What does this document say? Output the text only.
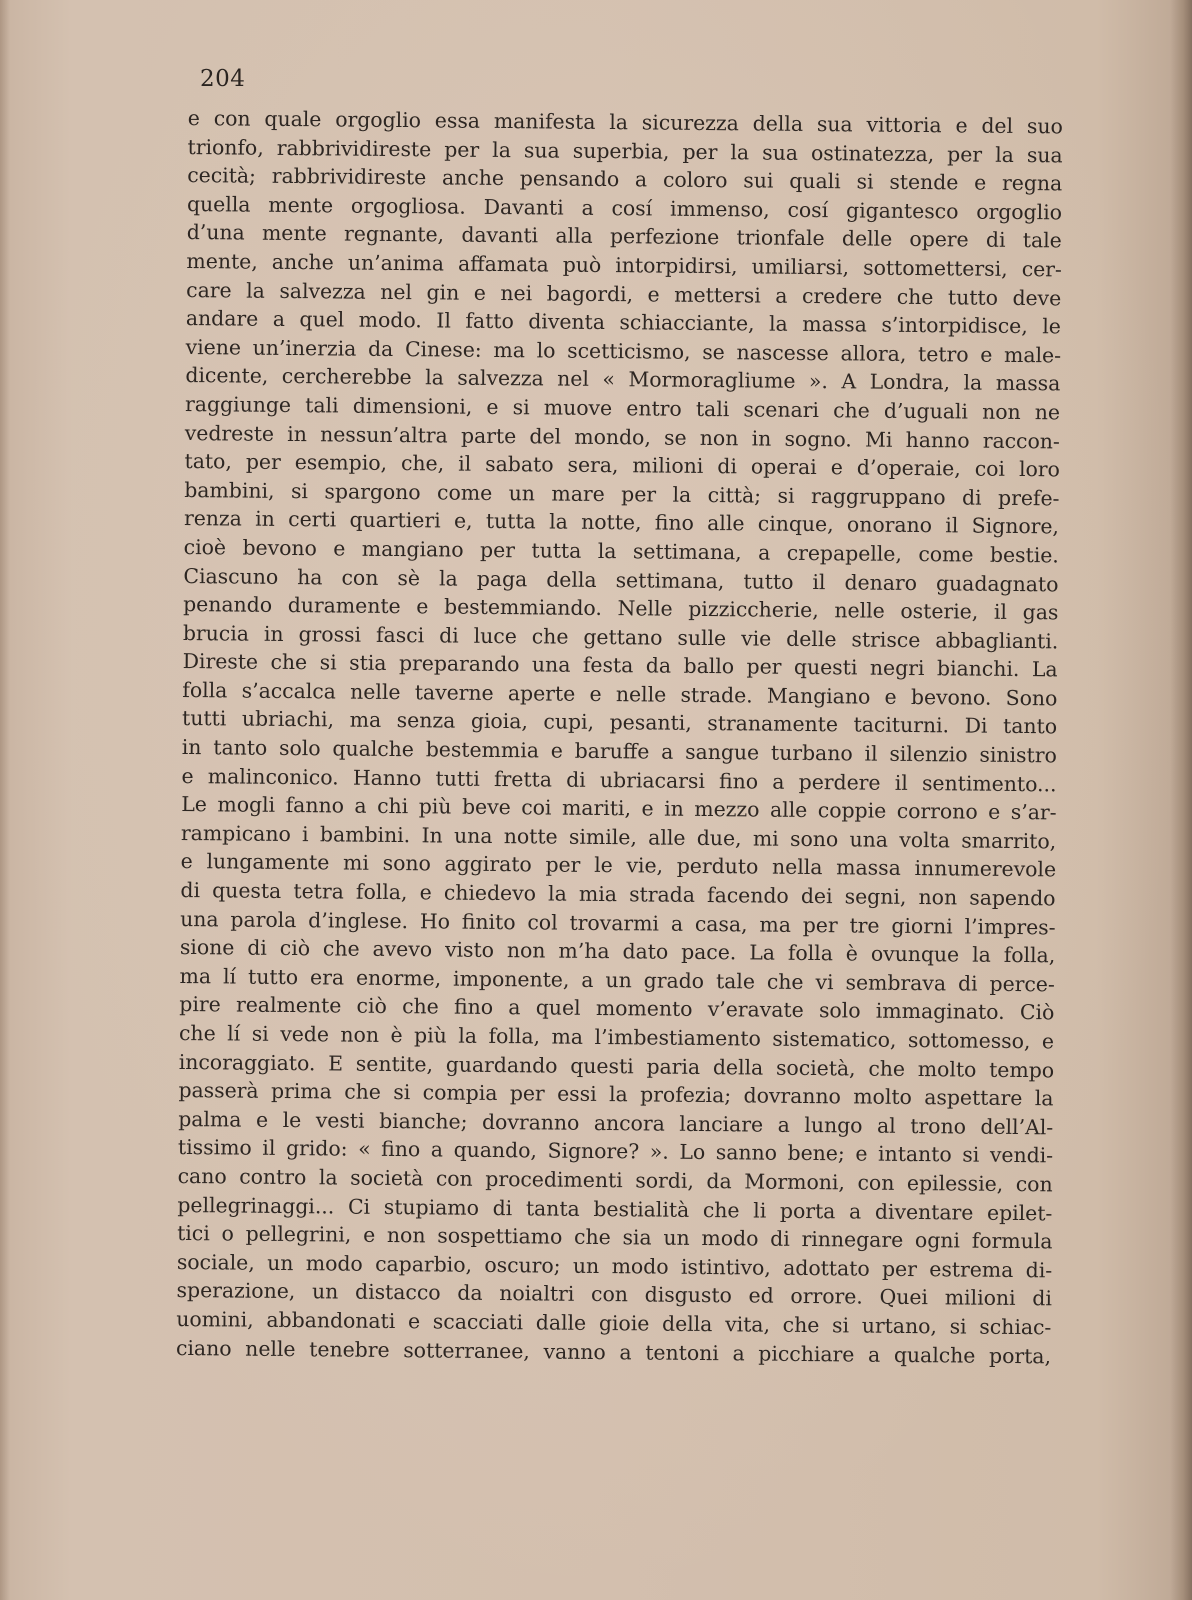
204
e con quale orgoglio essa manifesta la sicurezza della sua vittoria e del suo
trionfo, rabbrividireste per la sua superbia, per la sua ostinatezza, per la sua
cecità; rabbrividireste anche pensando a coloro sui quali si stende e regna
quella mente orgogliosa. Davanti a cosí immenso, cosí gigantesco orgoglio
d’una mente regnante, davanti alla perfezione trionfale delle opere di tale
mente, anche un’anima affamata può intorpidirsi, umiliarsi, sottomettersi, cer-
care la salvezza nel gin e nei bagordi, e mettersi a credere che tutto deve
andare a quel modo. Il fatto diventa schiacciante, la massa s’intorpidisce, le
viene un’inerzia da Cinese: ma lo scetticismo, se nascesse allora, tetro e male-
dicente, cercherebbe la salvezza nel « Mormoragliume ». A Londra, la massa
raggiunge tali dimensioni, e si muove entro tali scenari che d’uguali non ne
vedreste in nessun’altra parte del mondo, se non in sogno. Mi hanno raccon-
tato, per esempio, che, il sabato sera, milioni di operai e d’operaie, coi loro
bambini, si spargono come un mare per la città; si raggruppano di prefe-
renza in certi quartieri e, tutta la notte, fino alle cinque, onorano il Signore,
cioè bevono e mangiano per tutta la settimana, a crepapelle, come bestie.
Ciascuno ha con sè la paga della settimana, tutto il denaro guadagnato
penando duramente e bestemmiando. Nelle pizziccherie, nelle osterie, il gas
brucia in grossi fasci di luce che gettano sulle vie delle strisce abbaglianti.
Direste che si stia preparando una festa da ballo per questi negri bianchi. La
folla s’accalca nelle taverne aperte e nelle strade. Mangiano e bevono. Sono
tutti ubriachi, ma senza gioia, cupi, pesanti, stranamente taciturni. Di tanto
in tanto solo qualche bestemmia e baruffe a sangue turbano il silenzio sinistro
e malinconico. Hanno tutti fretta di ubriacarsi fino a perdere il sentimento...
Le mogli fanno a chi più beve coi mariti, e in mezzo alle coppie corrono e s’ar-
rampicano i bambini. In una notte simile, alle due, mi sono una volta smarrito,
e lungamente mi sono aggirato per le vie, perduto nella massa innumerevole
di questa tetra folla, e chiedevo la mia strada facendo dei segni, non sapendo
una parola d’inglese. Ho finito col trovarmi a casa, ma per tre giorni l’impres-
sione di ciò che avevo visto non m’ha dato pace. La folla è ovunque la folla,
ma lí tutto era enorme, imponente, a un grado tale che vi sembrava di perce-
pire realmente ciò che fino a quel momento v’eravate solo immaginato. Ciò
che lí si vede non è più la folla, ma l’imbestiamento sistematico, sottomesso, e
incoraggiato. E sentite, guardando questi paria della società, che molto tempo
passerà prima che si compia per essi la profezia; dovranno molto aspettare la
palma e le vesti bianche; dovranno ancora lanciare a lungo al trono dell’Al-
tissimo il grido: « fino a quando, Signore? ». Lo sanno bene; e intanto si vendi-
cano contro la società con procedimenti sordi, da Mormoni, con epilessie, con
pellegrinaggi... Ci stupiamo di tanta bestialità che li porta a diventare epilet-
tici o pellegrini, e non sospettiamo che sia un modo di rinnegare ogni formula
sociale, un modo caparbio, oscuro; un modo istintivo, adottato per estrema di-
sperazione, un distacco da noialtri con disgusto ed orrore. Quei milioni di
uomini, abbandonati e scacciati dalle gioie della vita, che si urtano, si schiac-
ciano nelle tenebre sotterranee, vanno a tentoni a picchiare a qualche porta,
